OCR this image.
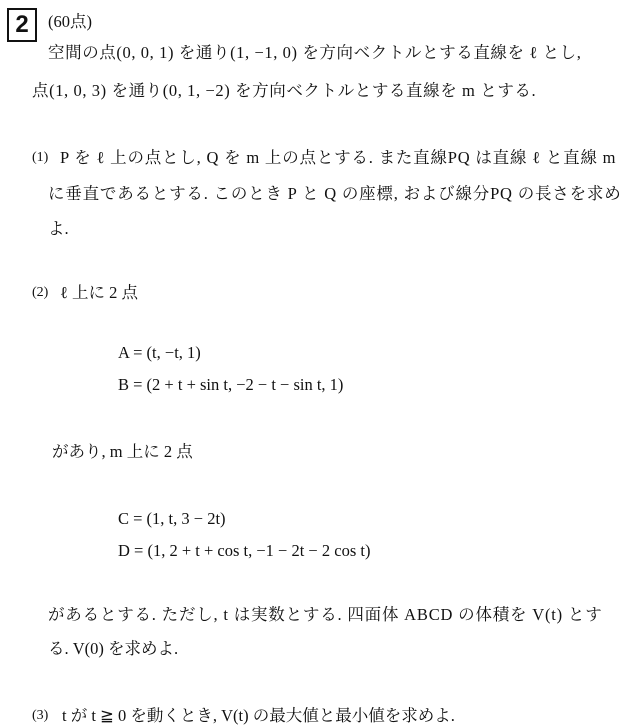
2	(60点)
空間の点(0, 0, 1) を通り(1, −1, 0) を方向ベクトルとする直線を ℓ とし,
点(1, 0, 3) を通り(0, 1, −2) を方向ベクトルとする直線を m とする.
(1) P を ℓ 上の点とし, Q を m 上の点とする. また直線PQ は直線 ℓ と直線 m
に垂直であるとする. このとき P と Q の座標, および線分PQ の長さを求め
よ.
(2) ℓ 上に 2 点
A = (t, −t, 1)
B = (2 + t + sin t, −2 − t − sin t, 1)
があり, m 上に 2 点
C = (1, t, 3 − 2t)
D = (1, 2 + t + cos t, −1 − 2t − 2 cos t)
があるとする. ただし, t は実数とする. 四面体 ABCD の体積を V(t) とす
る. V(0) を求めよ.
(3) t が t ≧ 0 を動くとき, V(t) の最大値と最小値を求めよ.
